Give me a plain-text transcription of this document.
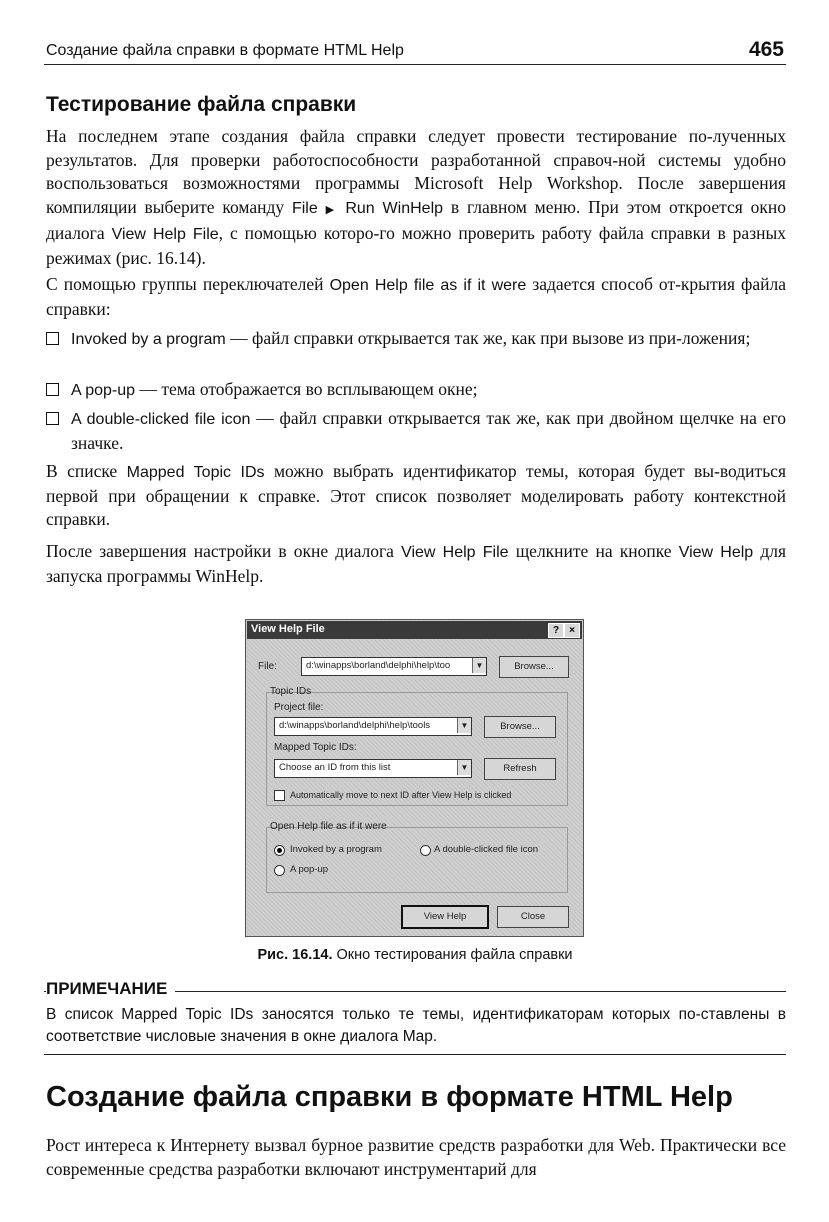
Создание файла справки в формате HTML Help	465
Тестирование файла справки

На последнем этапе создания файла справки следует провести тестирование по-лученных результатов. Для проверки работоспособности разработанной справоч-ной системы удобно воспользоваться возможностями программы Microsoft Help Workshop. После завершения компиляции выберите команду File ▶ Run WinHelp в главном меню. При этом откроется окно диалога View Help File, с помощью которо-го можно проверить работу файла справки в разных режимах (рис. 16.14).

С помощью группы переключателей Open Help file as if it were задается способ от-крытия файла справки:

Invoked by a program — файл справки открывается так же, как при вызове из при-ложения;
A pop-up — тема отображается во всплывающем окне;
A double-clicked file icon — файл справки открывается так же, как при двойном щелчке на его значке.

В списке Mapped Topic IDs можно выбрать идентификатор темы, которая будет вы-водиться первой при обращении к справке. Этот список позволяет моделировать работу контекстной справки.

После завершения настройки в окне диалога View Help File щелкните на кнопке View Help для запуска программы WinHelp.

View Help File	?	×
File:	d:\winapps\borland\delphi\help\too	▼	Browse...
Topic IDs
Project file:
d:\winapps\borland\delphi\help\tools	▼	Browse...
Mapped Topic IDs:
Choose an ID from this list	▼	Refresh
Automatically move to next ID after View Help is clicked
Open Help file as if it were
Invoked by a program	A double-clicked file icon
A pop-up
View Help	Close
Рис. 16.14. Окно тестирования файла справки
ПРИМЕЧАНИЕ

В список Mapped Topic IDs заносятся только те темы, идентификаторам которых по-ставлены в соответствие числовые значения в окне диалога Map.

Создание файла справки в формате HTML Help

Рост интереса к Интернету вызвал бурное развитие средств разработки для Web. Практически все современные средства разработки включают инструментарий для
